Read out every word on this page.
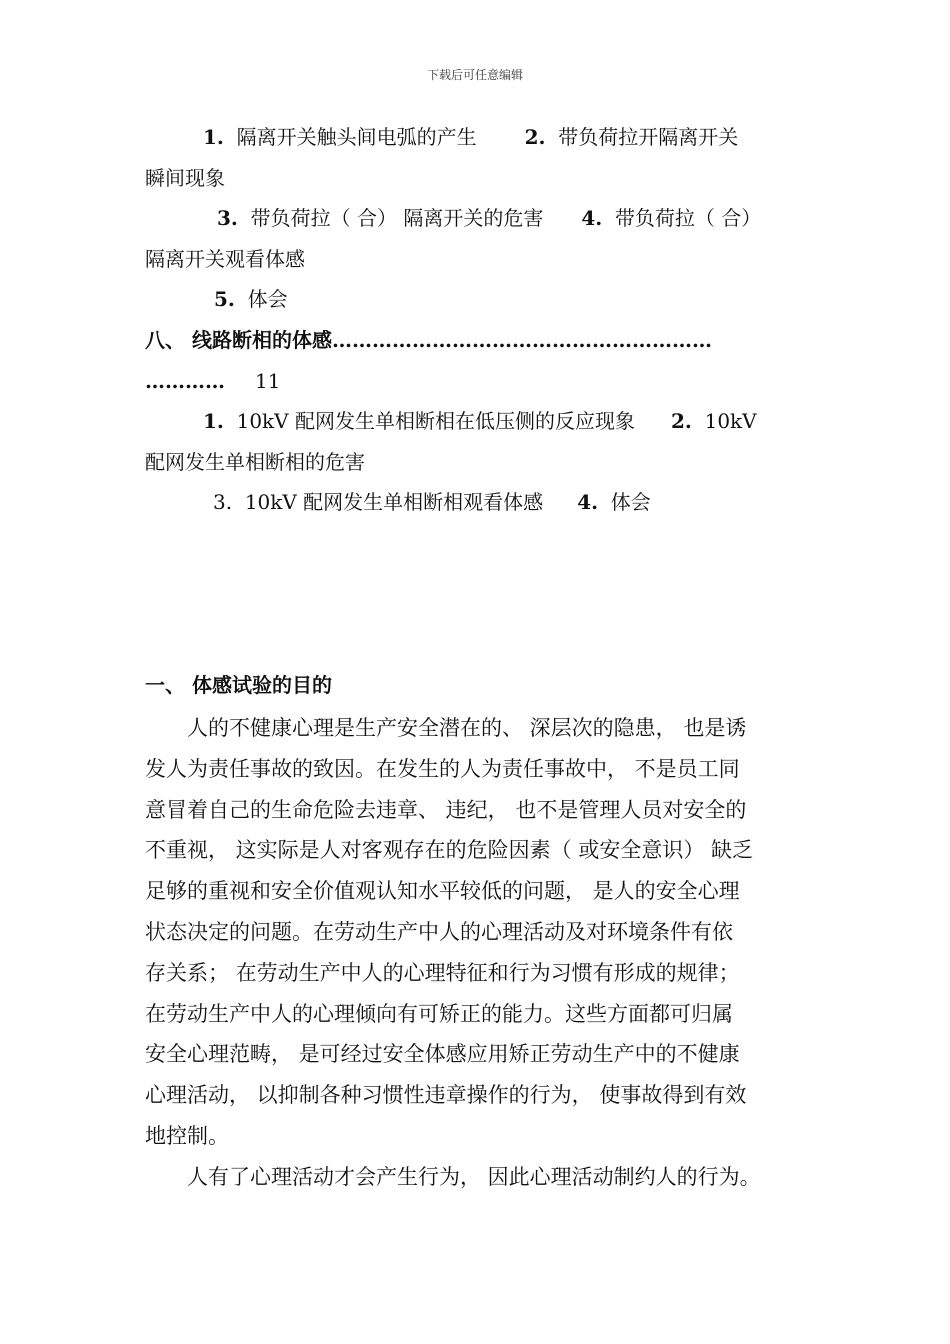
下载后可任意编辑
1. 隔离开关触头间电弧的产生 2. 带负荷拉开隔离开关
瞬间现象
3. 带负荷拉（ 合） 隔离开关的危害 4. 带负荷拉（ 合）
隔离开关观看体感
5. 体会
八、 线路断相的体感…………………………………………………
………… 11
1. 10kV 配网发生单相断相在低压侧的反应现象 2. 10kV
配网发生单相断相的危害
3. 10kV 配网发生单相断相观看体感 4. 体会
一、 体感试验的目的
　　人的不健康心理是生产安全潜在的、 深层次的隐患， 也是诱
发人为责任事故的致因。在发生的人为责任事故中， 不是员工同
意冒着自己的生命危险去违章、 违纪， 也不是管理人员对安全的
不重视， 这实际是人对客观存在的危险因素（ 或安全意识） 缺乏
足够的重视和安全价值观认知水平较低的问题， 是人的安全心理
状态决定的问题。在劳动生产中人的心理活动及对环境条件有依
存关系； 在劳动生产中人的心理特征和行为习惯有形成的规律；
在劳动生产中人的心理倾向有可矫正的能力。这些方面都可归属
安全心理范畴， 是可经过安全体感应用矫正劳动生产中的不健康
心理活动， 以抑制各种习惯性违章操作的行为， 使事故得到有效
地控制。
　　人有了心理活动才会产生行为， 因此心理活动制约人的行为。
